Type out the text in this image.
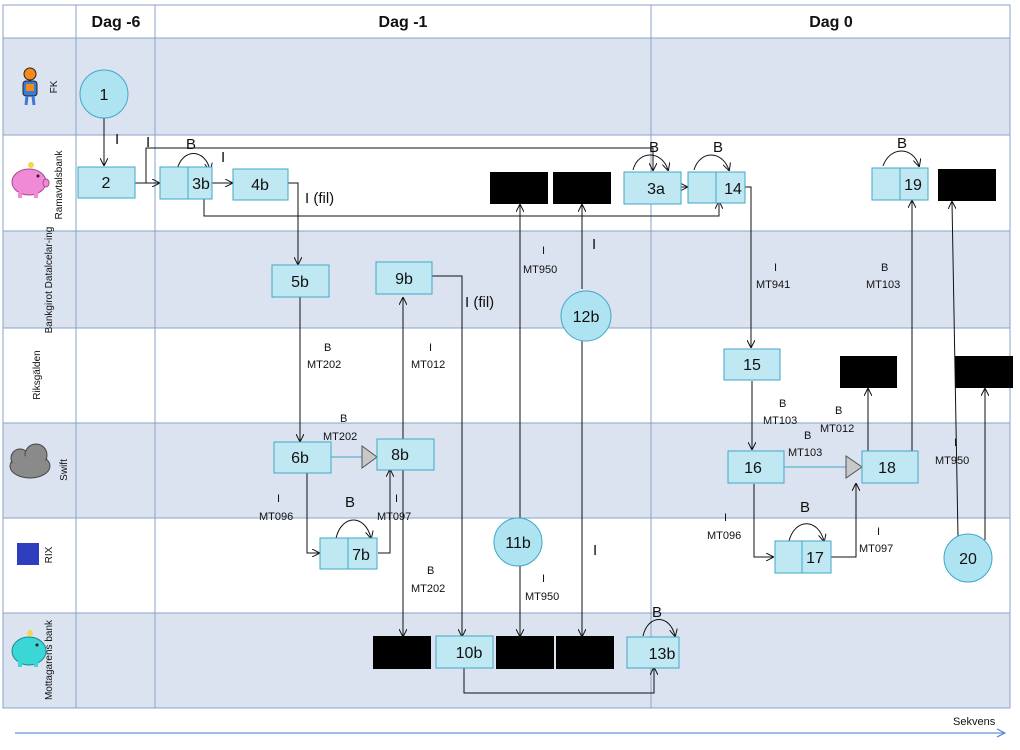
Dag -6	Dag -1	Dag 0
FK
Ramavtalsbank
Bankgirot Datalcelar-ing
Riksgälden
Swift
RIX
Mottagarens bank
2	3b	4b	3a	14	19
5b	9b
15
6b	8b
16	18
7b	17
10b	13b
1
12b
11b
20
I I B
I
I (fil)
B	B	B
I
MT950
I
I
MT941
B
MT103
I (fil)
B
MT202
I
MT012
B
MT202
B
MT103
B
MT012
B
MT103
I
MT950
I
MT096
B	I
MT097
B
I
MT096	I
MT097
I
B
MT202
I
MT950
B
Sekvens
